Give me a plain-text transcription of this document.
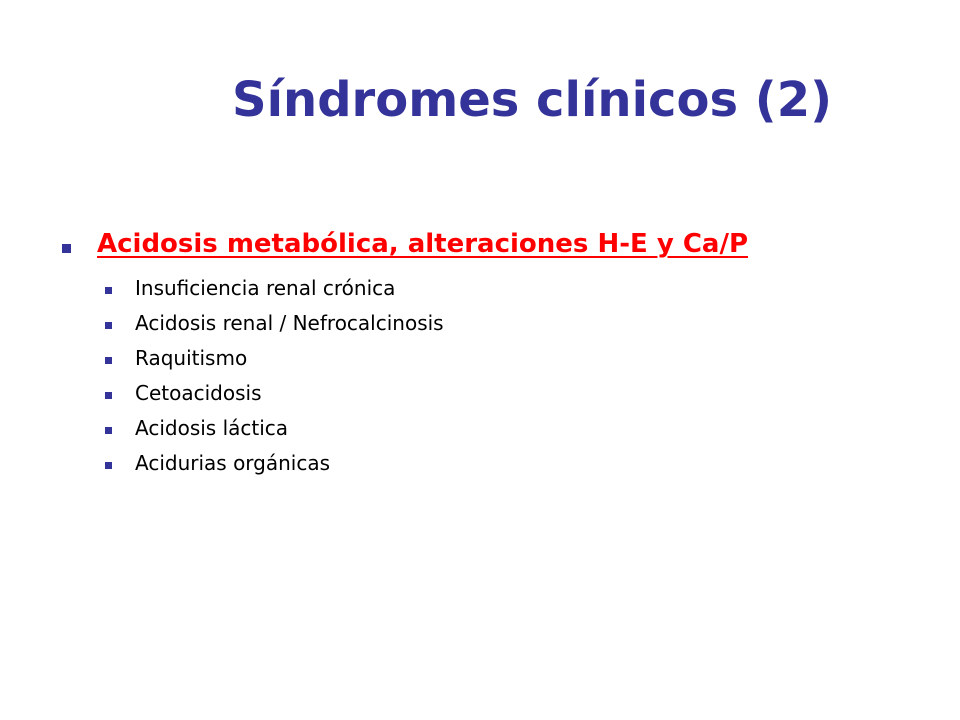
Síndromes clínicos (2)
Acidosis metabólica, alteraciones H-E y Ca/P
Insuficiencia renal crónica
Acidosis renal / Nefrocalcinosis
Raquitismo
Cetoacidosis
Acidosis láctica
Acidurias orgánicas
